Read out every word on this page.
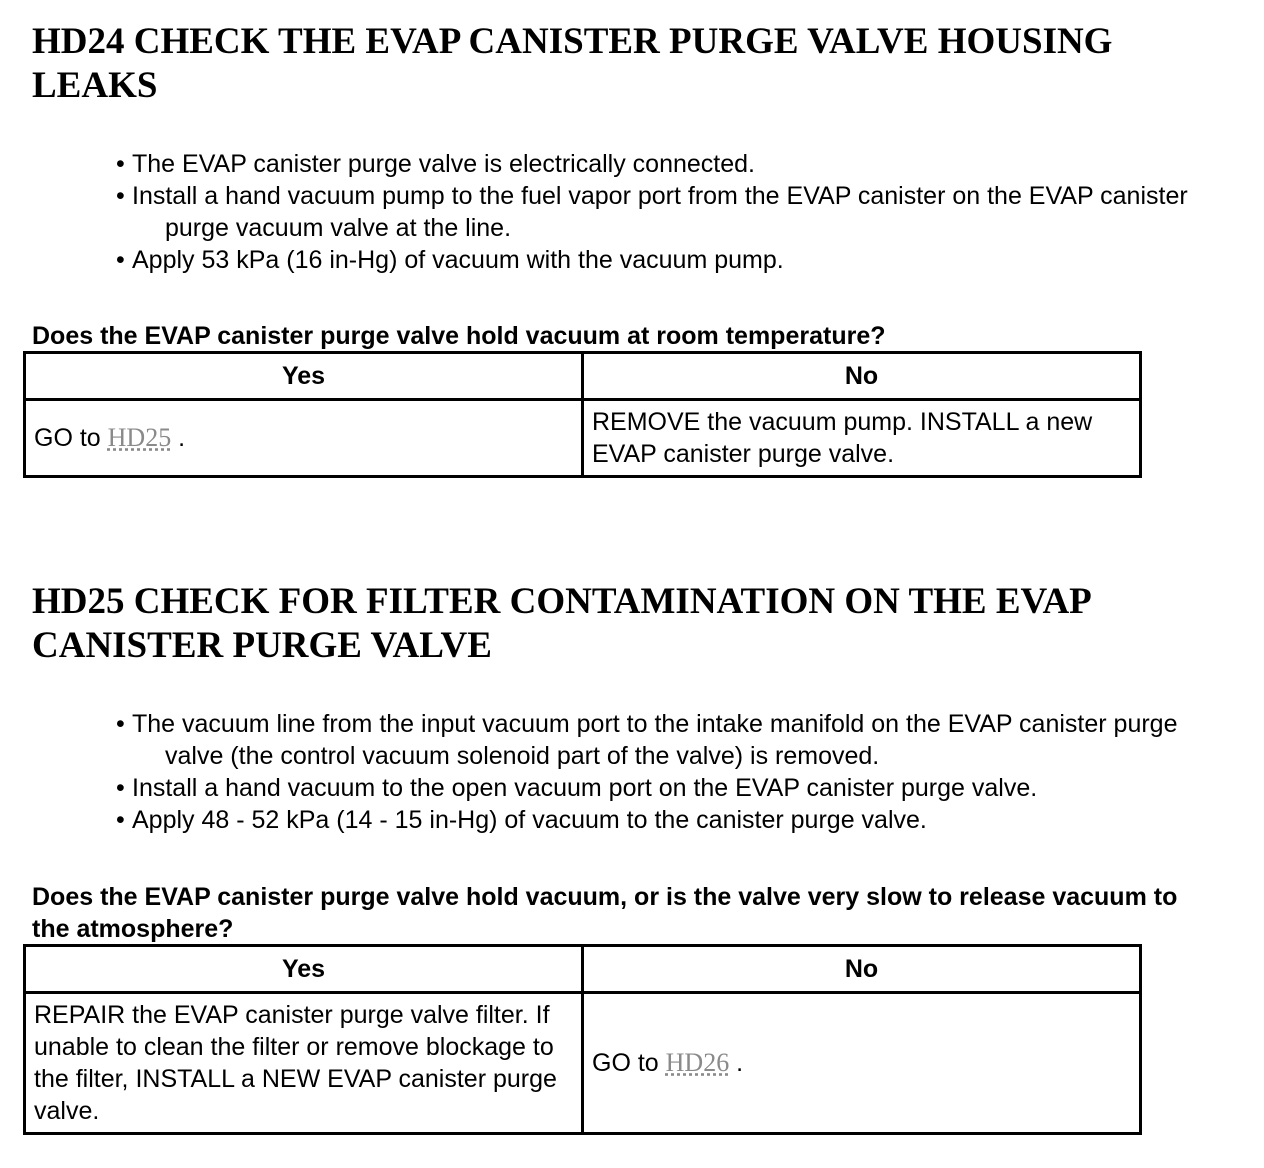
HD24 CHECK THE EVAP CANISTER PURGE VALVE HOUSING LEAKS
• The EVAP canister purge valve is electrically connected.
• Install a hand vacuum pump to the fuel vapor port from the EVAP canister on the EVAP canister purge vacuum valve at the line.
• Apply 53 kPa (16 in-Hg) of vacuum with the vacuum pump.

Does the EVAP canister purge valve hold vacuum at room temperature?

Yes	No
GO to HD25 .	REMOVE the vacuum pump. INSTALL a new EVAP canister purge valve.
HD25 CHECK FOR FILTER CONTAMINATION ON THE EVAP CANISTER PURGE VALVE
• The vacuum line from the input vacuum port to the intake manifold on the EVAP canister purge valve (the control vacuum solenoid part of the valve) is removed.
• Install a hand vacuum to the open vacuum port on the EVAP canister purge valve.
• Apply 48 - 52 kPa (14 - 15 in-Hg) of vacuum to the canister purge valve.

Does the EVAP canister purge valve hold vacuum, or is the valve very slow to release vacuum to the atmosphere?

Yes	No
REPAIR the EVAP canister purge valve filter. If unable to clean the filter or remove blockage to the filter, INSTALL a NEW EVAP canister purge valve.	GO to HD26 .
